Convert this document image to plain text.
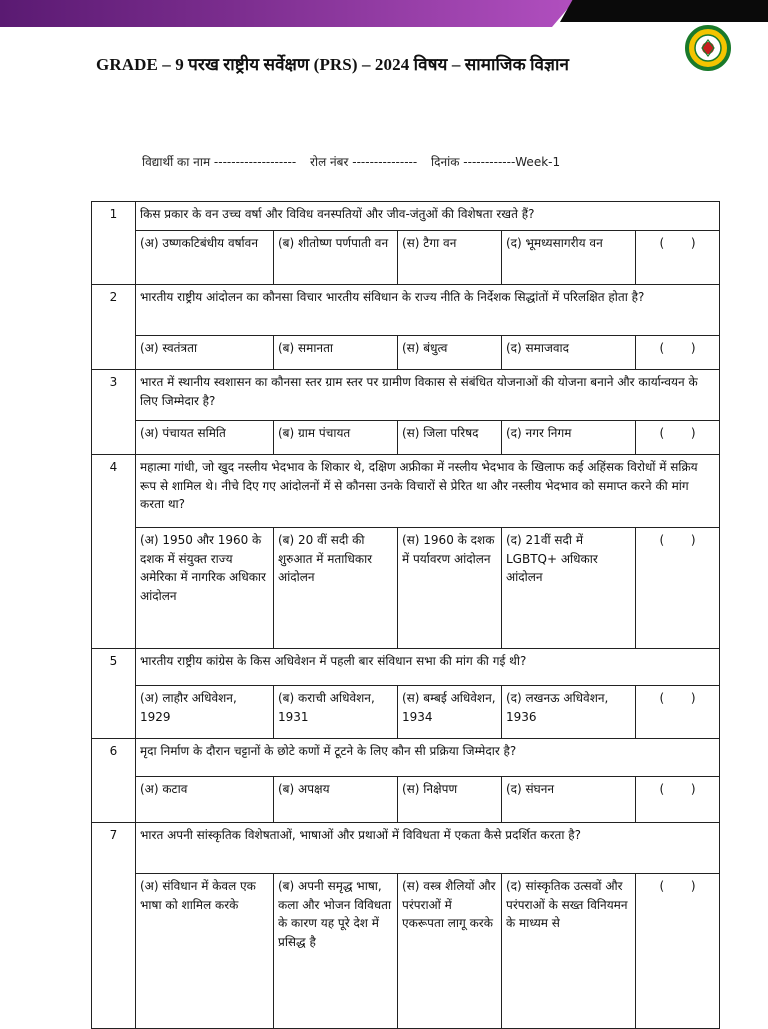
GRADE – 9 परख राष्ट्रीय सर्वेक्षण (PRS) – 2024 विषय – सामाजिक विज्ञान
विद्यार्थी का नाम ------------------- रोल नंबर --------------- दिनांक ------------Week-1
1	किस प्रकार के वन उच्च वर्षा और विविध वनस्पतियों और जीव-जंतुओं की विशेषता रखते हैं?				
	(अ) उष्णकटिबंधीय वर्षावन	(ब) शीतोष्ण पर्णपाती वन	(स) टैगा वन	(द) भूमध्यसागरीय वन	(       )
2	भारतीय राष्ट्रीय आंदोलन का कौनसा विचार भारतीय संविधान के राज्य नीति के निर्देशक सिद्धांतों में परिलक्षित होता है?				
	(अ) स्वतंत्रता	(ब) समानता	(स) बंधुत्व	(द) समाजवाद	(       )
3	भारत में स्थानीय स्वशासन का कौनसा स्तर ग्राम स्तर पर ग्रामीण विकास से संबंधित योजनाओं की योजना बनाने और कार्यान्वयन के लिए जिम्मेदार है?				
	(अ) पंचायत समिति	(ब) ग्राम पंचायत	(स) जिला परिषद	(द) नगर निगम	(       )
4	महात्मा गांधी, जो खुद नस्लीय भेदभाव के शिकार थे, दक्षिण अफ्रीका में नस्लीय भेदभाव के खिलाफ कई अहिंसक विरोधों में सक्रिय रूप से शामिल थे। नीचे दिए गए आंदोलनों में से कौनसा उनके विचारों से प्रेरित था और नस्लीय भेदभाव को समाप्त करने की मांग करता था?				
	(अ) 1950 और 1960 के दशक में संयुक्त राज्य अमेरिका में नागरिक अधिकार आंदोलन	(ब) 20 वीं सदी की शुरुआत में मताधिकार आंदोलन	(स) 1960 के दशक में पर्यावरण आंदोलन	(द) 21वीं सदी में LGBTQ+ अधिकार आंदोलन	(       )
5	भारतीय राष्ट्रीय कांग्रेस के किस अधिवेशन में पहली बार संविधान सभा की मांग की गई थी?				
	(अ) लाहौर अधिवेशन, 1929	(ब) कराची अधिवेशन, 1931	(स) बम्बई अधिवेशन, 1934	(द) लखनऊ अधिवेशन, 1936	(       )
6	मृदा निर्माण के दौरान चट्टानों के छोटे कणों में टूटने के लिए कौन सी प्रक्रिया जिम्मेदार है?				
	(अ) कटाव	(ब) अपक्षय	(स) निक्षेपण	(द) संघनन	(       )
7	भारत अपनी सांस्कृतिक विशेषताओं, भाषाओं और प्रथाओं में विविधता में एकता कैसे प्रदर्शित करता है?				
	(अ) संविधान में केवल एक भाषा को शामिल करके	(ब) अपनी समृद्ध भाषा, कला और भोजन विविधता के कारण यह पूरे देश में प्रसिद्ध है	(स) वस्त्र शैलियों और परंपराओं में एकरूपता लागू करके	(द) सांस्कृतिक उत्सवों और परंपराओं के सख्त विनियमन के माध्यम से	(       )
